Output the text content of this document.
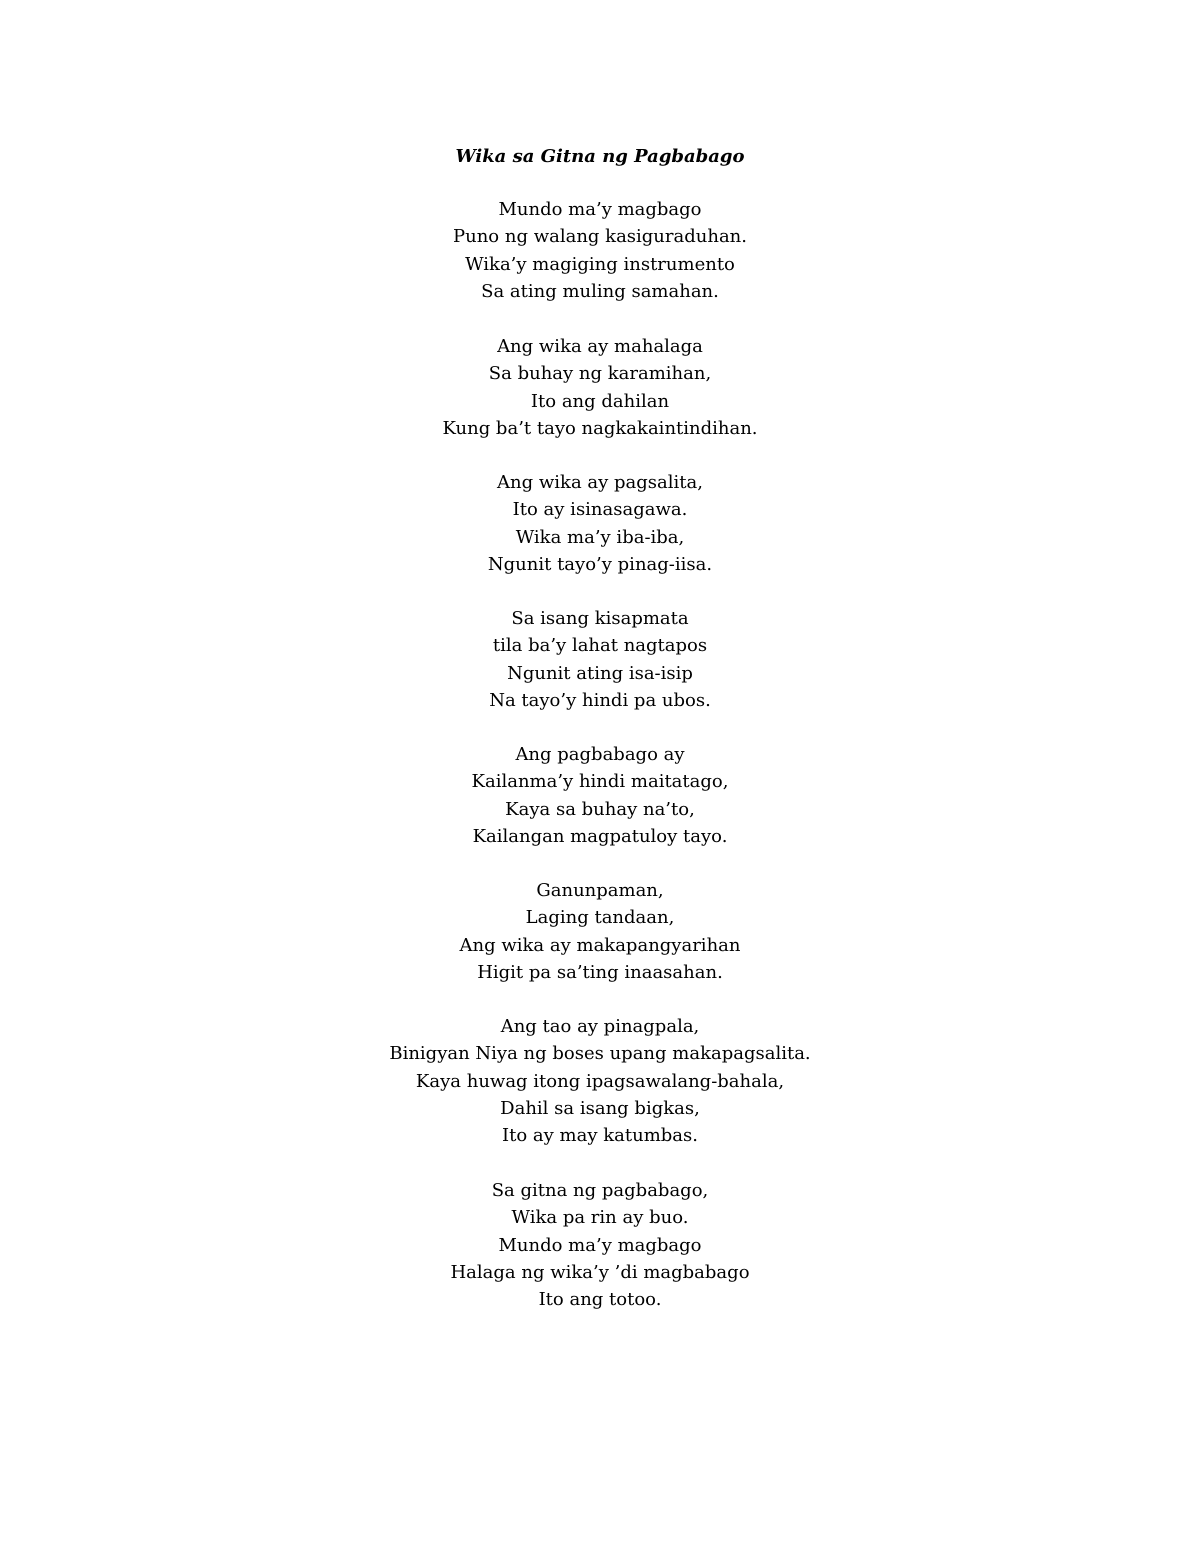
Wika sa Gitna ng Pagbabago

Mundo ma’y magbago
Puno ng walang kasiguraduhan.
Wika’y magiging instrumento
Sa ating muling samahan.
Ang wika ay mahalaga
Sa buhay ng karamihan,
Ito ang dahilan
Kung ba’t tayo nagkakaintindihan.
Ang wika ay pagsalita,
Ito ay isinasagawa.
Wika ma’y iba-iba,
Ngunit tayo’y pinag-iisa.
Sa isang kisapmata
tila ba’y lahat nagtapos
Ngunit ating isa-isip
Na tayo’y hindi pa ubos.
Ang pagbabago ay
Kailanma’y hindi maitatago,
Kaya sa buhay na’to,
Kailangan magpatuloy tayo.
Ganunpaman,
Laging tandaan,
Ang wika ay makapangyarihan
Higit pa sa’ting inaasahan.
Ang tao ay pinagpala,
Binigyan Niya ng boses upang makapagsalita.
Kaya huwag itong ipagsawalang-bahala,
Dahil sa isang bigkas,
Ito ay may katumbas.
Sa gitna ng pagbabago,
Wika pa rin ay buo.
Mundo ma’y magbago
Halaga ng wika’y ’di magbabago
Ito ang totoo.
